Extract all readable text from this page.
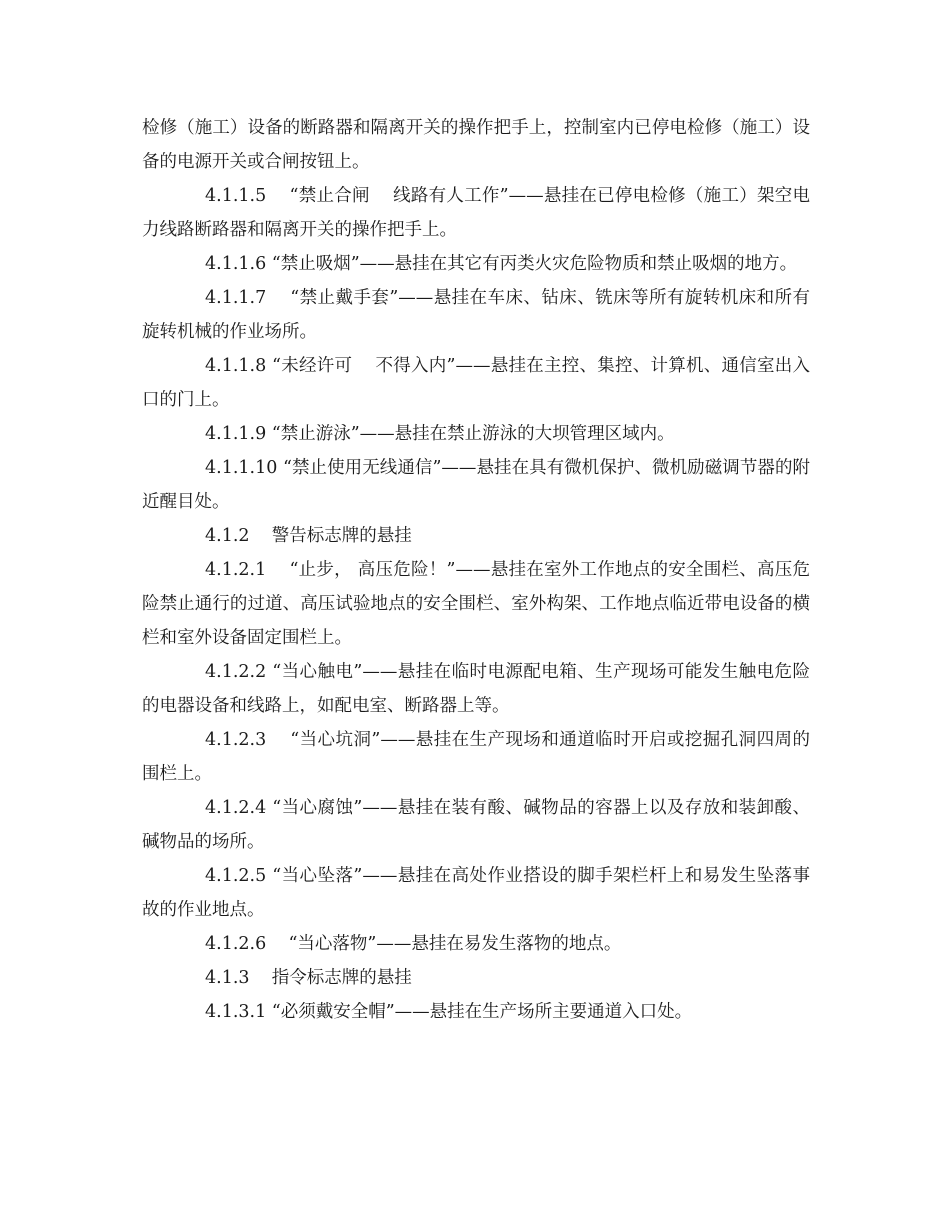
检修（施工）设备的断路器和隔离开关的操作把手上，控制室内已停电检修（施工）设备的电源开关或合闸按钮上。

4.1.1.5    “禁止合闸    线路有人工作”——悬挂在已停电检修（施工）架空电力线路断路器和隔离开关的操作把手上。

4.1.1.6 “禁止吸烟”——悬挂在其它有丙类火灾危险物质和禁止吸烟的地方。

4.1.1.7    “禁止戴手套”——悬挂在车床、钻床、铣床等所有旋转机床和所有旋转机械的作业场所。

4.1.1.8 “未经许可    不得入内”——悬挂在主控、集控、计算机、通信室出入口的门上。

4.1.1.9 “禁止游泳”——悬挂在禁止游泳的大坝管理区域内。

4.1.1.10 “禁止使用无线通信”——悬挂在具有微机保护、微机励磁调节器的附近醒目处。

4.1.2    警告标志牌的悬挂

4.1.2.1    “止步， 高压危险！”——悬挂在室外工作地点的安全围栏、高压危险禁止通行的过道、高压试验地点的安全围栏、室外构架、工作地点临近带电设备的横栏和室外设备固定围栏上。

4.1.2.2 “当心触电”——悬挂在临时电源配电箱、生产现场可能发生触电危险的电器设备和线路上，如配电室、断路器上等。

4.1.2.3    “当心坑洞”——悬挂在生产现场和通道临时开启或挖掘孔洞四周的围栏上。

4.1.2.4 “当心腐蚀”——悬挂在装有酸、碱物品的容器上以及存放和装卸酸、碱物品的场所。

4.1.2.5 “当心坠落”——悬挂在高处作业搭设的脚手架栏杆上和易发生坠落事故的作业地点。

4.1.2.6    “当心落物”——悬挂在易发生落物的地点。

4.1.3    指令标志牌的悬挂

4.1.3.1 “必须戴安全帽”——悬挂在生产场所主要通道入口处。
